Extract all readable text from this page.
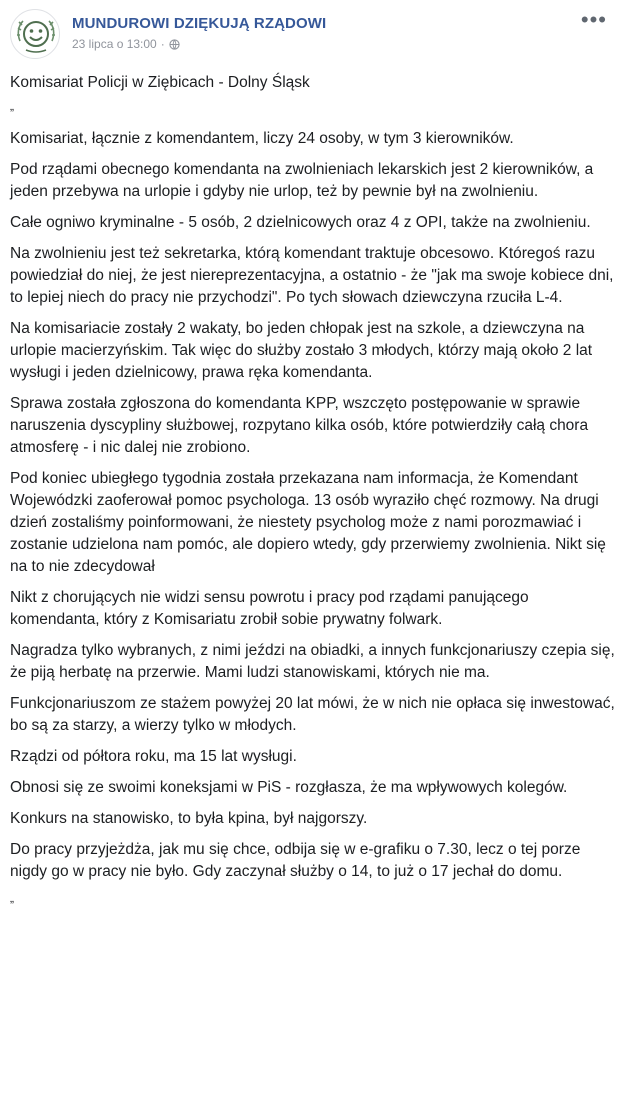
MUNDUROWI DZIĘKUJĄ RZĄDOWI
23 lipca o 13:00 ·
•••

Komisariat Policji w Ziębicach - Dolny Śląsk

„

Komisariat, łącznie z komendantem, liczy 24 osoby, w tym 3 kierowników.

Pod rządami obecnego komendanta na zwolnieniach lekarskich jest 2 kierowników, a jeden przebywa na urlopie i gdyby nie urlop, też by pewnie był na zwolnieniu.

Całe ogniwo kryminalne - 5 osób, 2 dzielnicowych oraz 4 z OPI, także na zwolnieniu.

Na zwolnieniu jest też sekretarka, którą komendant traktuje obcesowo. Któregoś razu powiedział do niej, że jest niereprezentacyjna, a ostatnio - że "jak ma swoje kobiece dni, to lepiej niech do pracy nie przychodzi". Po tych słowach dziewczyna rzuciła L-4.

Na komisariacie zostały 2 wakaty, bo jeden chłopak jest na szkole, a dziewczyna na urlopie macierzyńskim. Tak więc do służby zostało 3 młodych, którzy mają około 2 lat wysługi i jeden dzielnicowy, prawa ręka komendanta.

Sprawa została zgłoszona do komendanta KPP, wszczęto postępowanie w sprawie naruszenia dyscypliny służbowej, rozpytano kilka osób, które potwierdziły całą chora atmosferę - i nic dalej nie zrobiono.

Pod koniec ubiegłego tygodnia została przekazana nam informacja, że Komendant Wojewódzki zaoferował pomoc psychologa. 13 osób wyraziło chęć rozmowy. Na drugi dzień zostaliśmy poinformowani, że niestety psycholog może z nami porozmawiać i zostanie udzielona nam pomóc, ale dopiero wtedy, gdy przerwiemy zwolnienia. Nikt się na to nie zdecydował

Nikt z chorujących nie widzi sensu powrotu i pracy pod rządami panującego komendanta, który z Komisariatu zrobił sobie prywatny folwark.

Nagradza tylko wybranych, z nimi jeździ na obiadki, a innych funkcjonariuszy czepia się, że piją herbatę na przerwie. Mami ludzi stanowiskami, których nie ma.

Funkcjonariuszom ze stażem powyżej 20 lat mówi, że w nich nie opłaca się inwestować, bo są za starzy, a wierzy tylko w młodych.

Rządzi od półtora roku, ma 15 lat wysługi.

Obnosi się ze swoimi koneksjami w PiS - rozgłasza, że ma wpływowych kolegów.

Konkurs na stanowisko, to była kpina, był najgorszy.

Do pracy przyjeżdża, jak mu się chce, odbija się w e-grafiku o 7.30, lecz o tej porze nigdy go w pracy nie było. Gdy zaczynał służby o 14, to już o 17 jechał do domu.

„
